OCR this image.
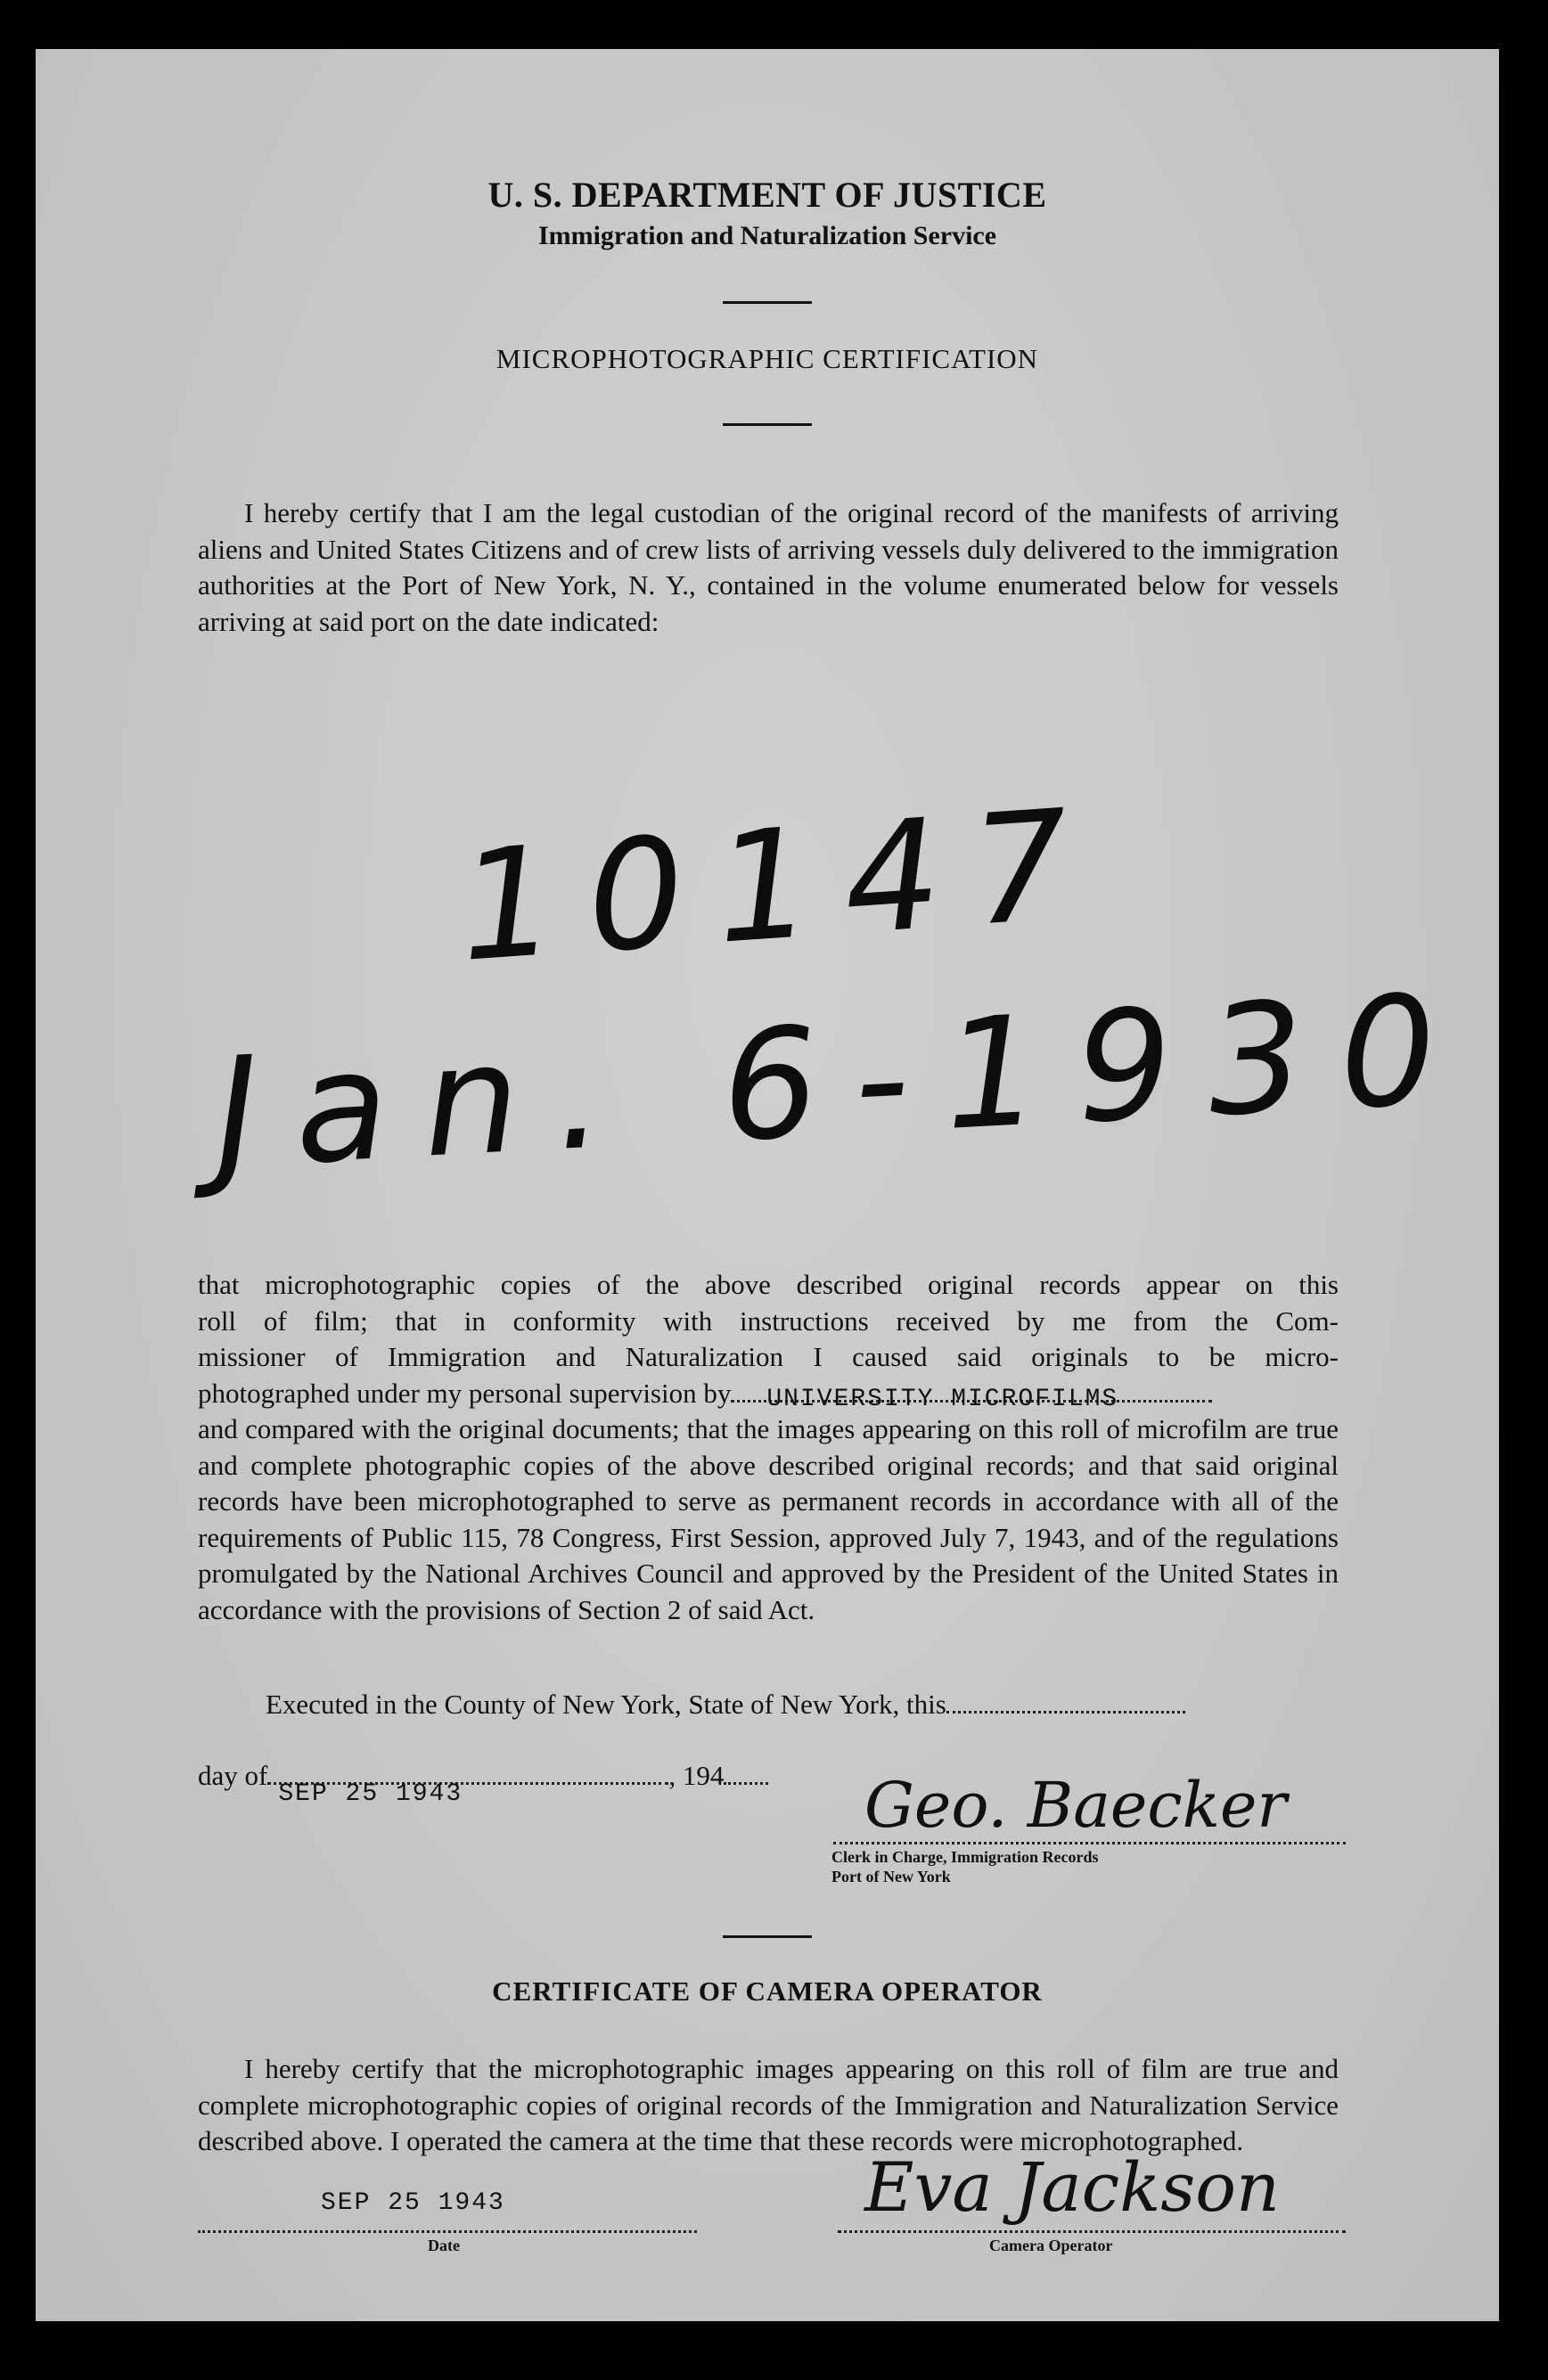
U. S. DEPARTMENT OF JUSTICE

Immigration and Naturalization Service

MICROPHOTOGRAPHIC CERTIFICATION

I hereby certify that I am the legal custodian of the original record of the manifests of arriving aliens and United States Citizens and of crew lists of arriving vessels duly delivered to the immigration authorities at the Port of New York, N. Y., contained in the volume enumerated below for vessels arriving at said port on the date indicated:

10147
Jan. 6-1930
that microphotographic copies of the above described original records appear on this
roll of film; that in conformity with instructions received by me from the Com-
missioner of Immigration and Naturalization I caused said originals to be micro-
photographed under my personal supervision by UNIVERSITY MICROFILMS
and compared with the original documents; that the images appearing on this roll of microfilm are true and complete photographic copies of the above described original records; and that said original records have been microphotographed to serve as permanent records in accordance with all of the requirements of Public 115, 78 Congress, First Session, approved July 7, 1943, and of the regulations promulgated by the National Archives Council and approved by the President of the United States in accordance with the provisions of Section 2 of said Act.

Executed in the County of New York, State of New York, this

day of
SEP 25 1943
, 194	Geo. Baecker
Clerk in Charge, Immigration Records
Port of New York

CERTIFICATE OF CAMERA OPERATOR

I hereby certify that the microphotographic images appearing on this roll of film are true and complete microphotographic copies of original records of the Immigration and Naturalization Service described above. I operated the camera at the time that these records were microphotographed.

SEP 25 1943
Date
Eva Jackson
Camera Operator
